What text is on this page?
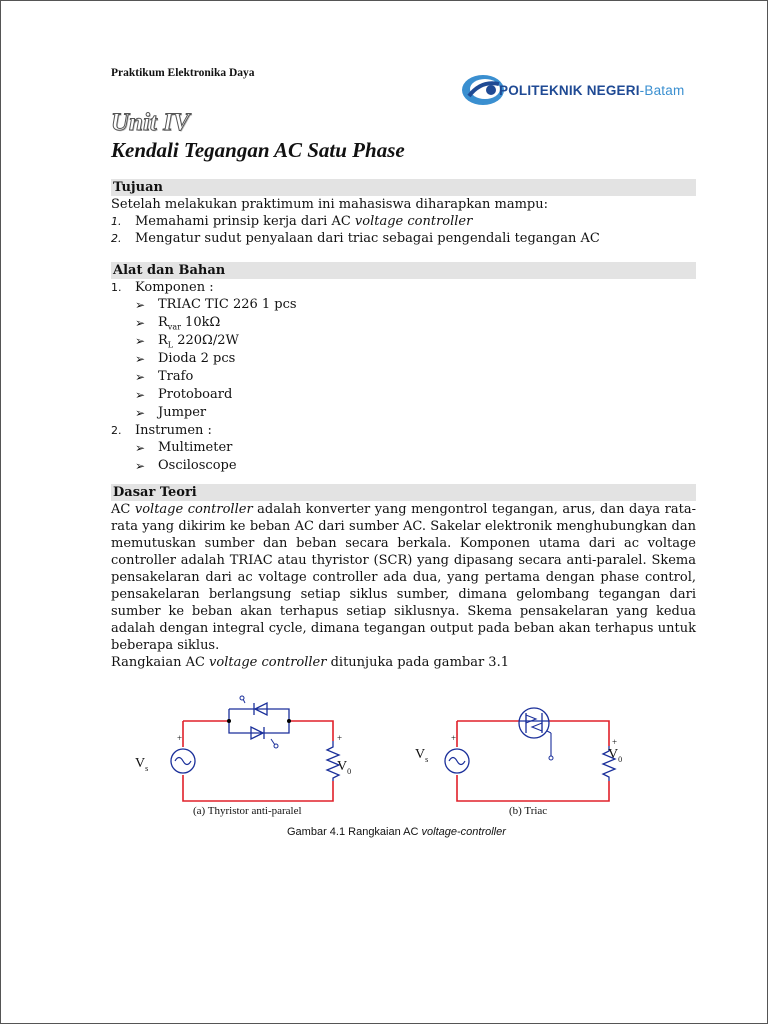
Praktikum Elektronika Daya
POLITEKNIK NEGERI-Batam
Unit IV
Kendali Tegangan AC Satu Phase
Tujuan
Setelah melakukan praktimum ini mahasiswa diharapkan mampu:
1.	Memahami prinsip kerja dari AC voltage controller
2.	Mengatur sudut penyalaan dari triac sebagai pengendali tegangan AC
Alat dan Bahan
1.	Komponen :
➢ TRIAC TIC 226 1 pcs
➢ $R_{var}$ 10kΩ
➢ $R_L$ 220Ω/2W
➢ Dioda 2 pcs
➢ Trafo
➢ Protoboard
➢ Jumper
2.	Instrumen :
➢ Multimeter
➢ Osciloscope
Dasar Teori
AC voltage controller adalah konverter yang mengontrol tegangan, arus, dan daya rata-rata yang dikirim ke beban AC dari sumber AC. Sakelar elektronik menghubungkan dan memutuskan sumber dan beban secara berkala. Komponen utama dari ac voltage controller adalah TRIAC atau thyristor (SCR) yang dipasang secara anti-paralel. Skema pensakelaran dari ac voltage controller ada dua, yang pertama dengan phase control, pensakelaran berlangsung setiap siklus sumber, dimana gelombang tegangan dari sumber ke beban akan terhapus setiap siklusnya. Skema pensakelaran yang kedua adalah dengan integral cycle, dimana tegangan output pada beban akan terhapus untuk beberapa siklus.
Rangkaian AC voltage controller ditunjuka pada gambar 3.1
+	+	+	+
$V_s$	$V_0$
$V_s$	$V_0$
(a) Thyristor anti-paralel	(b) Triac
Gambar 4.1 Rangkaian AC voltage-controller
